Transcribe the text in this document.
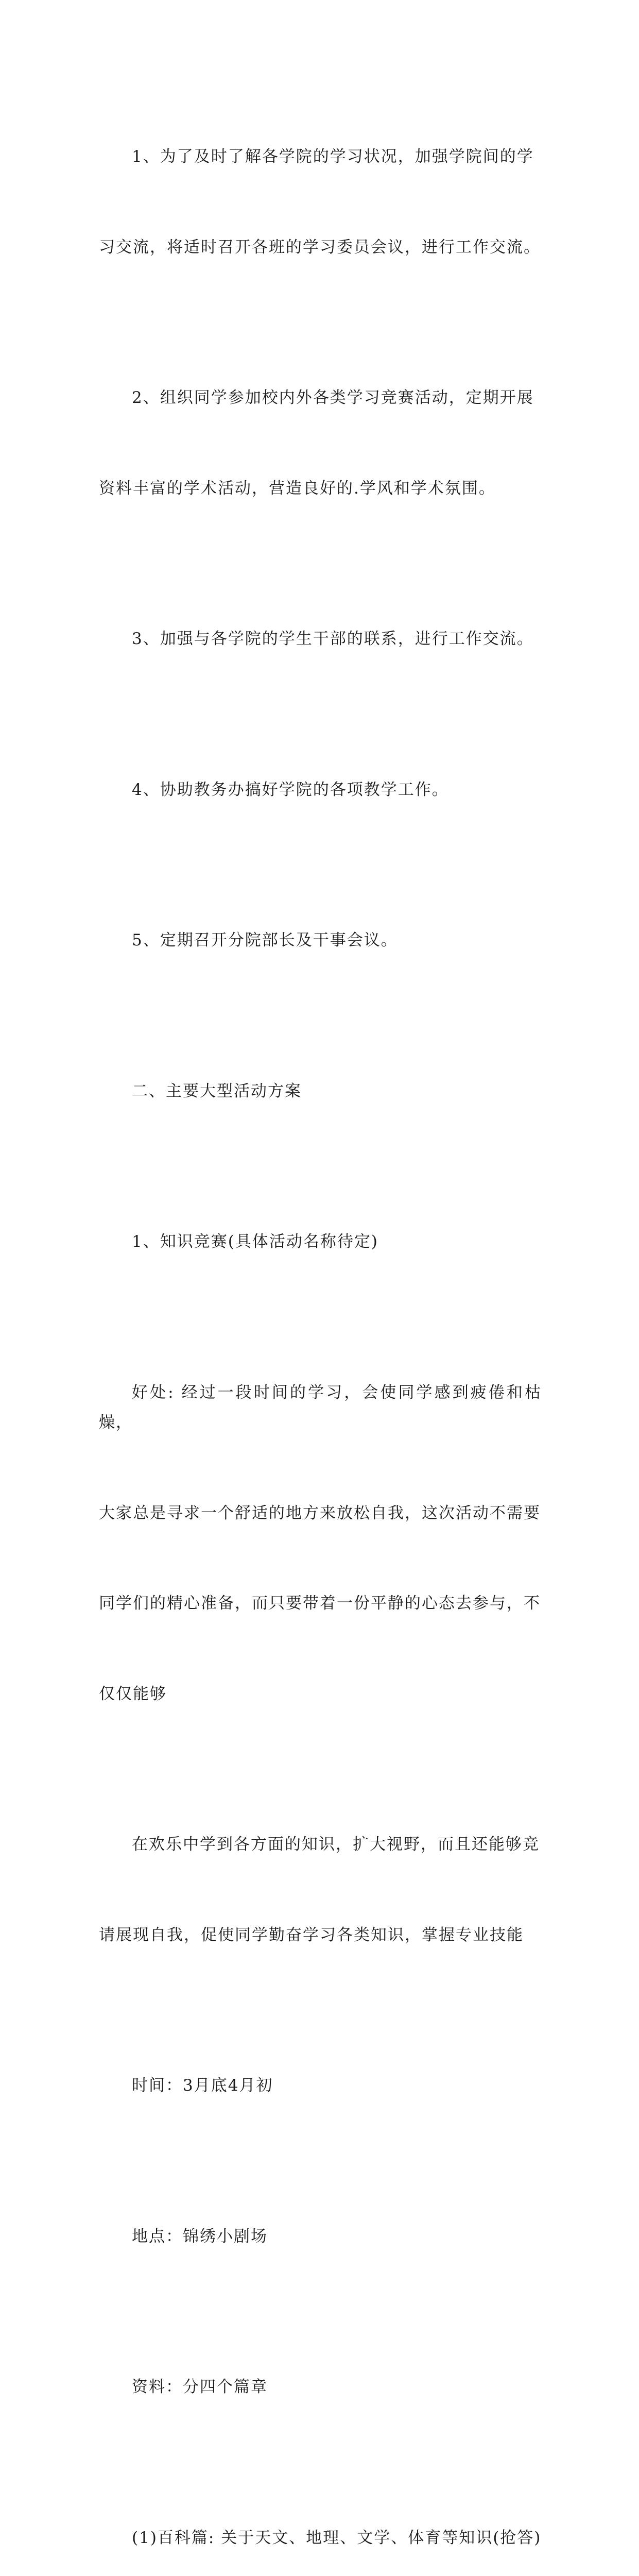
1、为了及时了解各学院的学习状况，加强学院间的学

习交流，将适时召开各班的学习委员会议，进行工作交流。

2、组织同学参加校内外各类学习竞赛活动，定期开展

资料丰富的学术活动，营造良好的.学风和学术氛围。

3、加强与各学院的学生干部的联系，进行工作交流。

4、协助教务办搞好学院的各项教学工作。

5、定期召开分院部长及干事会议。

二、主要大型活动方案

1、知识竞赛(具体活动名称待定)

好处: 经过一段时间的学习，会使同学感到疲倦和枯燥，

大家总是寻求一个舒适的地方来放松自我，这次活动不需要

同学们的精心准备，而只要带着一份平静的心态去参与，不

仅仅能够

在欢乐中学到各方面的知识，扩大视野，而且还能够竞

请展现自我，促使同学勤奋学习各类知识，掌握专业技能

时间：3月底4月初

地点：锦绣小剧场

资料：分四个篇章

(1)百科篇: 关于天文、地理、文学、体育等知识(抢答)
